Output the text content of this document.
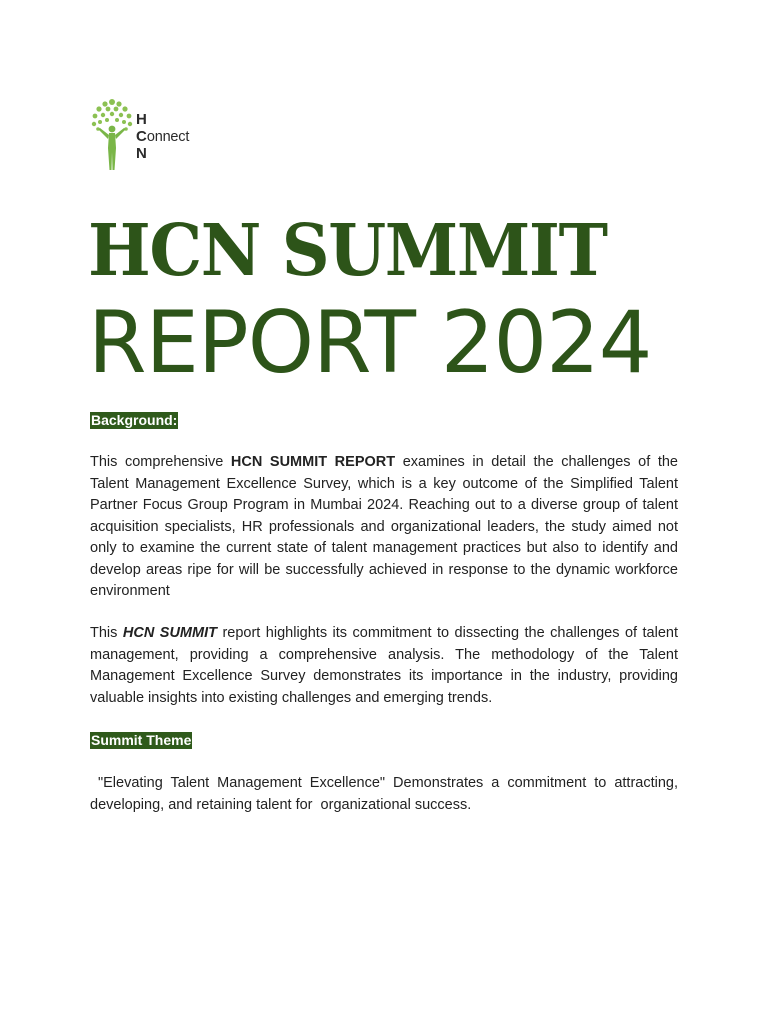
H
Connect
N
HCN SUMMIT
REPORT 2024
Background:
This comprehensive HCN SUMMIT REPORT examines in detail the challenges of the Talent Management Excellence Survey, which is a key outcome of the Simplified Talent Partner Focus Group Program in Mumbai 2024. Reaching out to a diverse group of talent acquisition specialists, HR professionals and organizational leaders, the study aimed not only to examine the current state of talent management practices but also to identify and develop areas ripe for will be successfully achieved in response to the dynamic workforce environment
This HCN SUMMIT report highlights its commitment to dissecting the challenges of talent management, providing a comprehensive analysis. The methodology of the Talent Management Excellence Survey demonstrates its importance in the industry, providing valuable insights into existing challenges and emerging trends.
Summit Theme
"Elevating Talent Management Excellence" Demonstrates a commitment to attracting, developing, and retaining talent for  organizational success.
